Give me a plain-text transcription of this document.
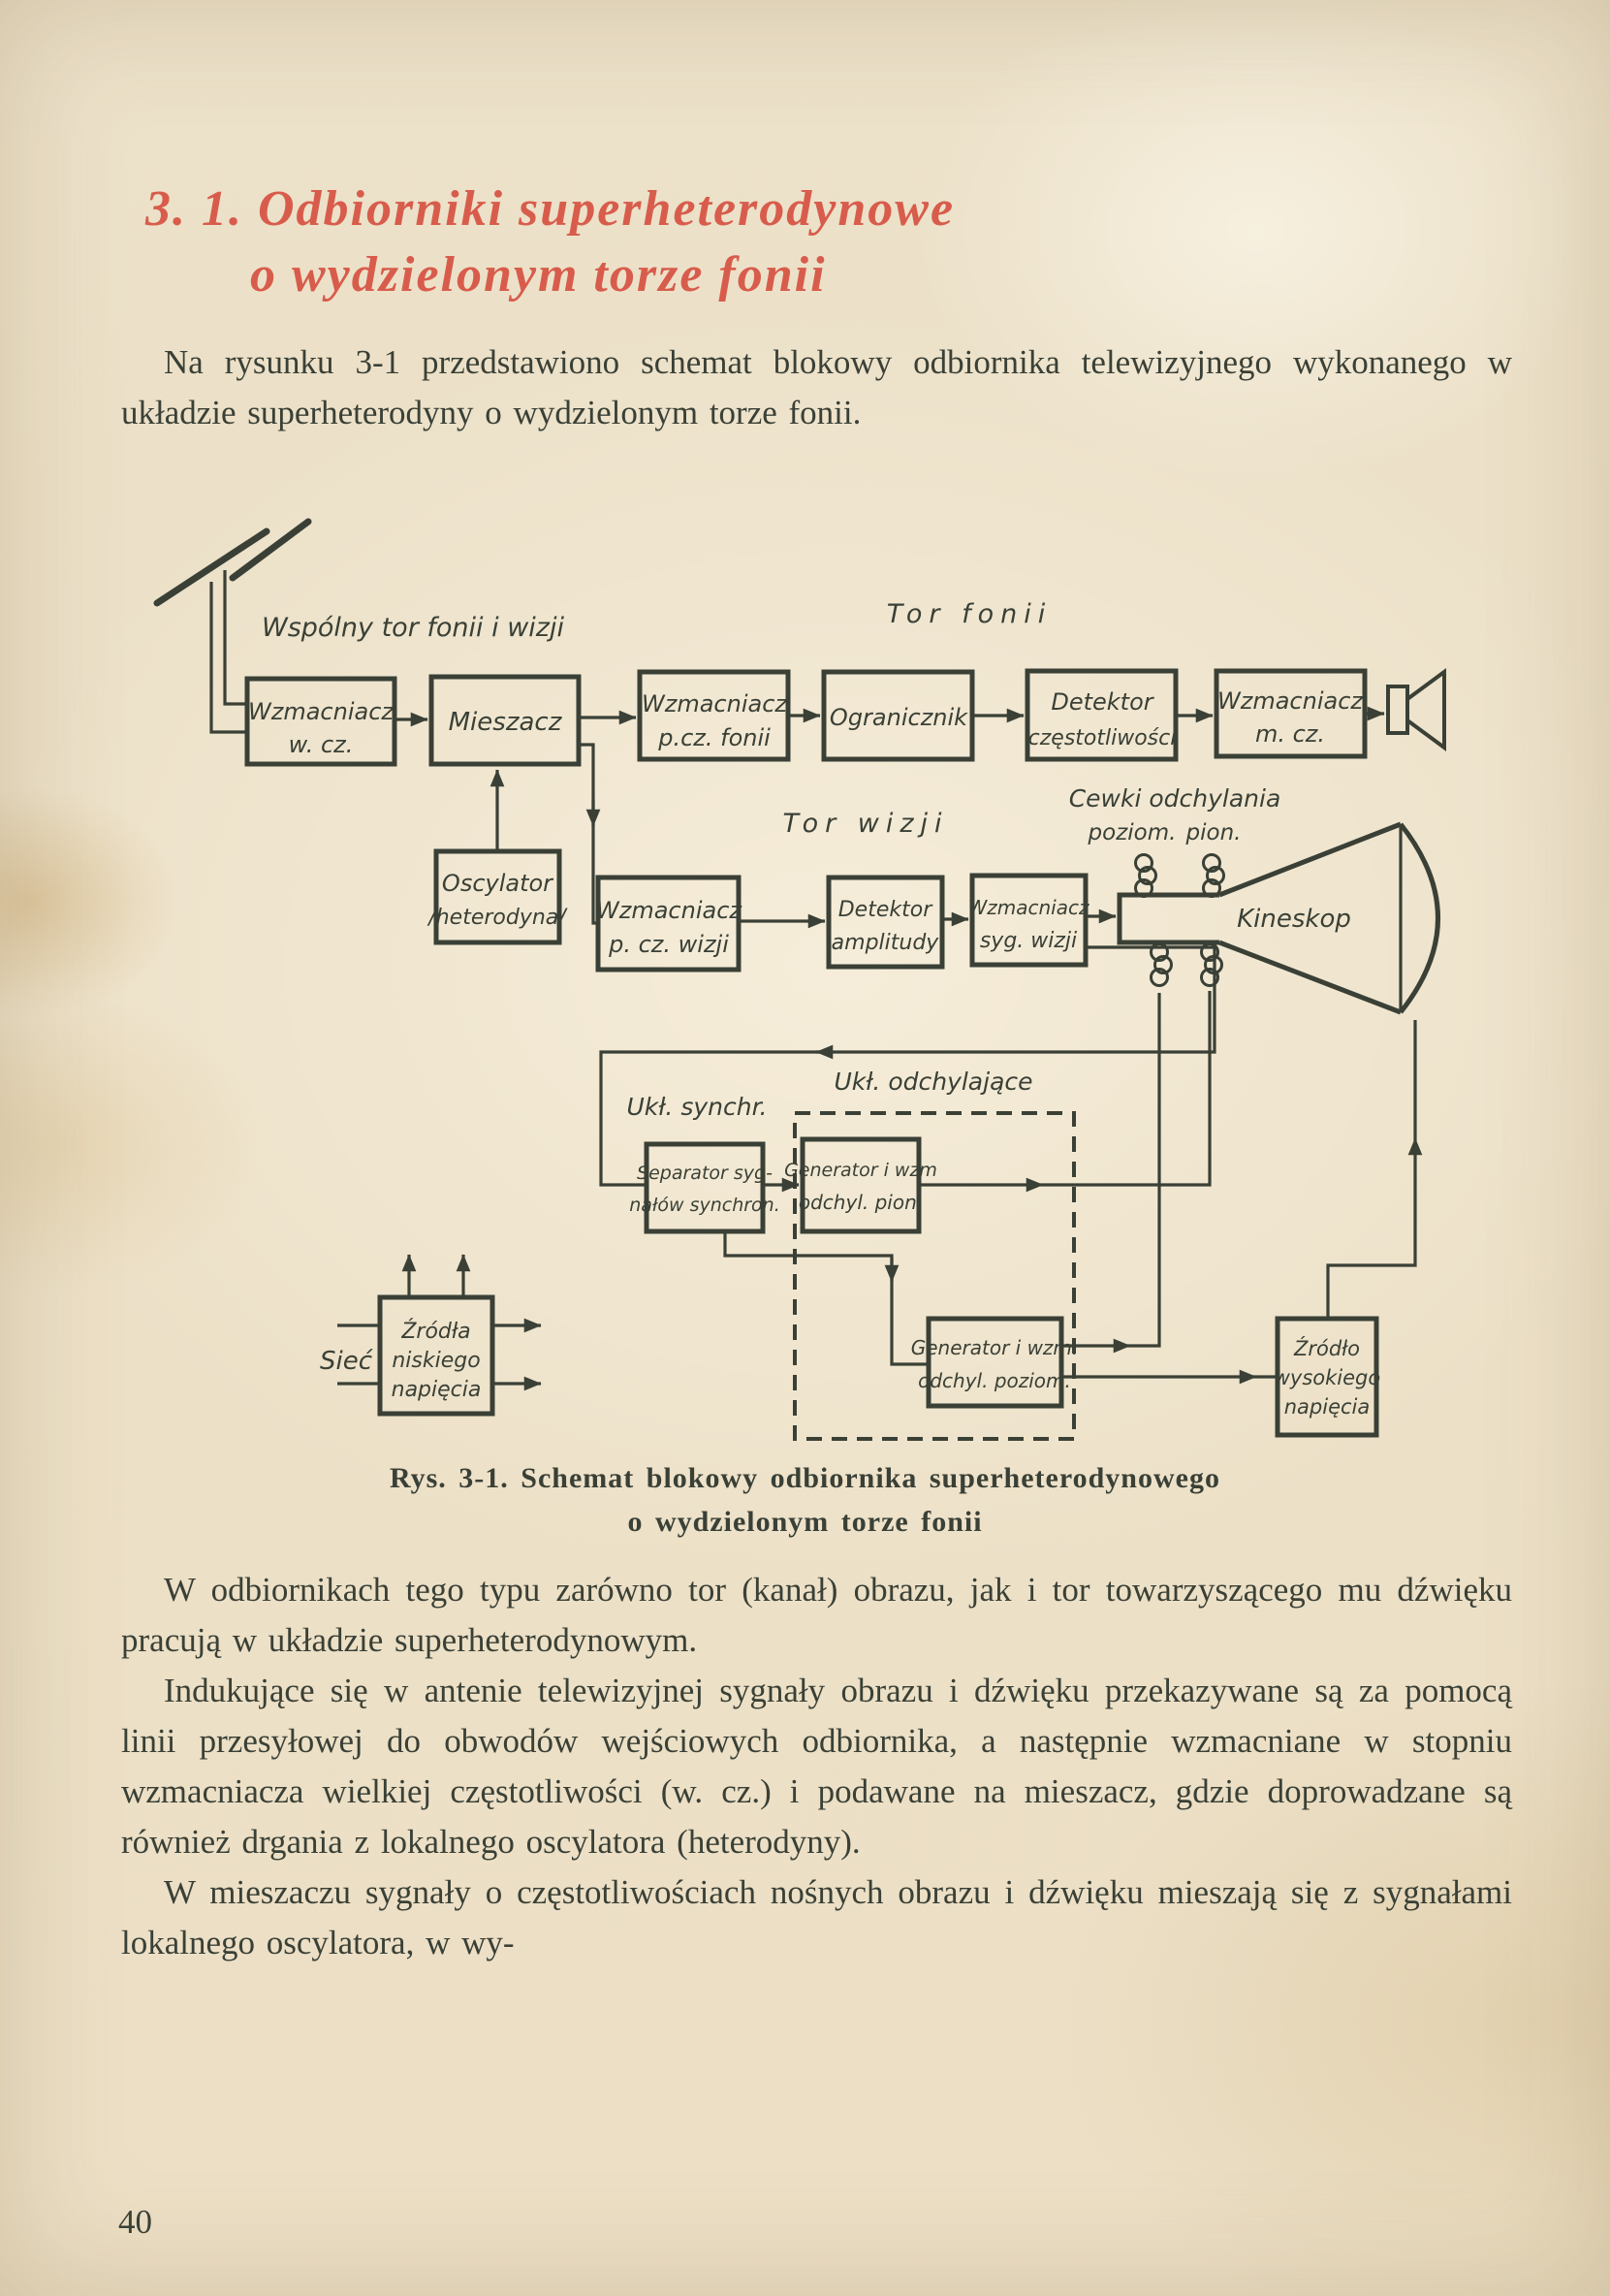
3. 1. Odbiorniki superheterodynowe
o wydzielonym torze fonii

Na rysunku 3-1 przedstawiono schemat blokowy odbiornika telewizyjnego wykonanego w układzie superheterodyny o wydzielonym torze fonii.

Wspólny tor fonii i wizji	Tor fonii
Tor wizji
Cewki odchylania
poziom. pion.
Ukł. synchr.
Ukł. odchylające
Sieć
Wzmacniacz
w. cz.
Mieszacz
Wzmacniacz
p.cz. fonii
Ogranicznik
Detektor
częstotliwości
Wzmacniacz
m. cz.
Oscylator
/heterodyna/ Wzmacniacz
p. cz. wizji
Detektor
amplitudy
Wzmacniacz
syg. wizji
Kineskop
Separator syg-
nałów synchron.
Generator i wzm
odchyl. pion.
Generator i wzm.
odchyl. poziom.
Źródło
wysokiego
napięcia
Źródła
niskiego
napięcia
Rys. 3-1. Schemat blokowy odbiornika superheterodynowego
o wydzielonym torze fonii

W odbiornikach tego typu zarówno tor (kanał) obrazu, jak i tor towarzyszącego mu dźwięku pracują w układzie superheterodynowym.

Indukujące się w antenie telewizyjnej sygnały obrazu i dźwięku przekazywane są za pomocą linii przesyłowej do obwodów wejściowych odbiornika, a następnie wzmacniane w stopniu wzmacniacza wielkiej częstotliwości (w. cz.) i podawane na mieszacz, gdzie doprowadzane są również drgania z lokalnego oscylatora (heterodyny).

W mieszaczu sygnały o częstotliwościach nośnych obrazu i dźwięku mieszają się z sygnałami lokalnego oscylatora, w wy-

40
